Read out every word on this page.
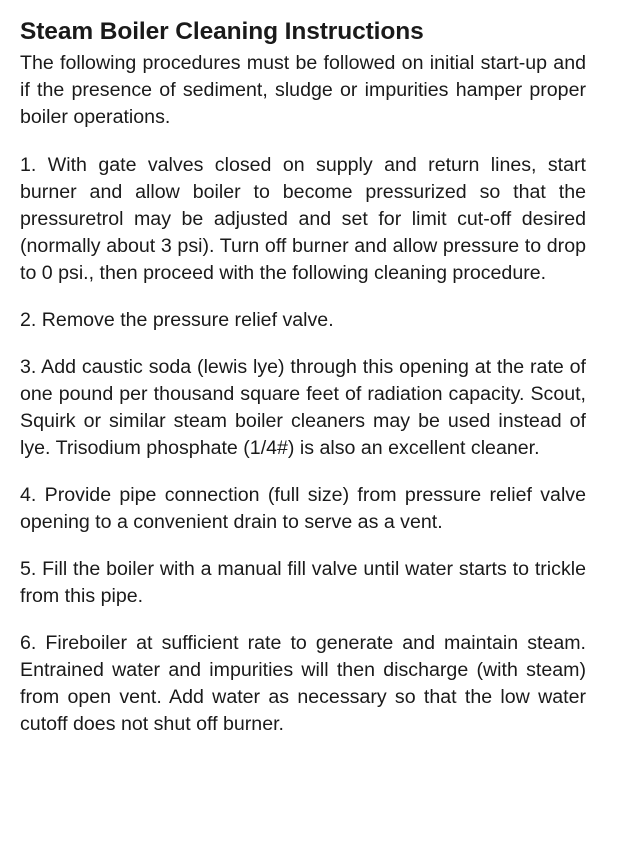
Steam Boiler Cleaning Instructions

The following procedures must be followed on initial start-up and if the presence of sediment, sludge or impurities hamper proper boiler operations.

1. With gate valves closed on supply and return lines, start burner and allow boiler to become pressurized so that the pressuretrol may be adjusted and set for limit cut-off desired (normally about 3 psi). Turn off burner and allow pressure to drop to 0 psi., then proceed with the following cleaning procedure.

2. Remove the pressure relief valve.

3. Add caustic soda (lewis lye) through this opening at the rate of one pound per thousand square feet of radiation capacity. Scout, Squirk or similar steam boiler cleaners may be used instead of lye. Trisodium phosphate (1/4#) is also an excellent cleaner.

4. Provide pipe connection (full size) from pressure relief valve opening to a convenient drain to serve as a vent.

5. Fill the boiler with a manual fill valve until water starts to trickle from this pipe.

6. Fireboiler at sufficient rate to generate and maintain steam. Entrained water and impurities will then discharge (with steam) from open vent. Add water as necessary so that the low water cutoff does not shut off burner.
